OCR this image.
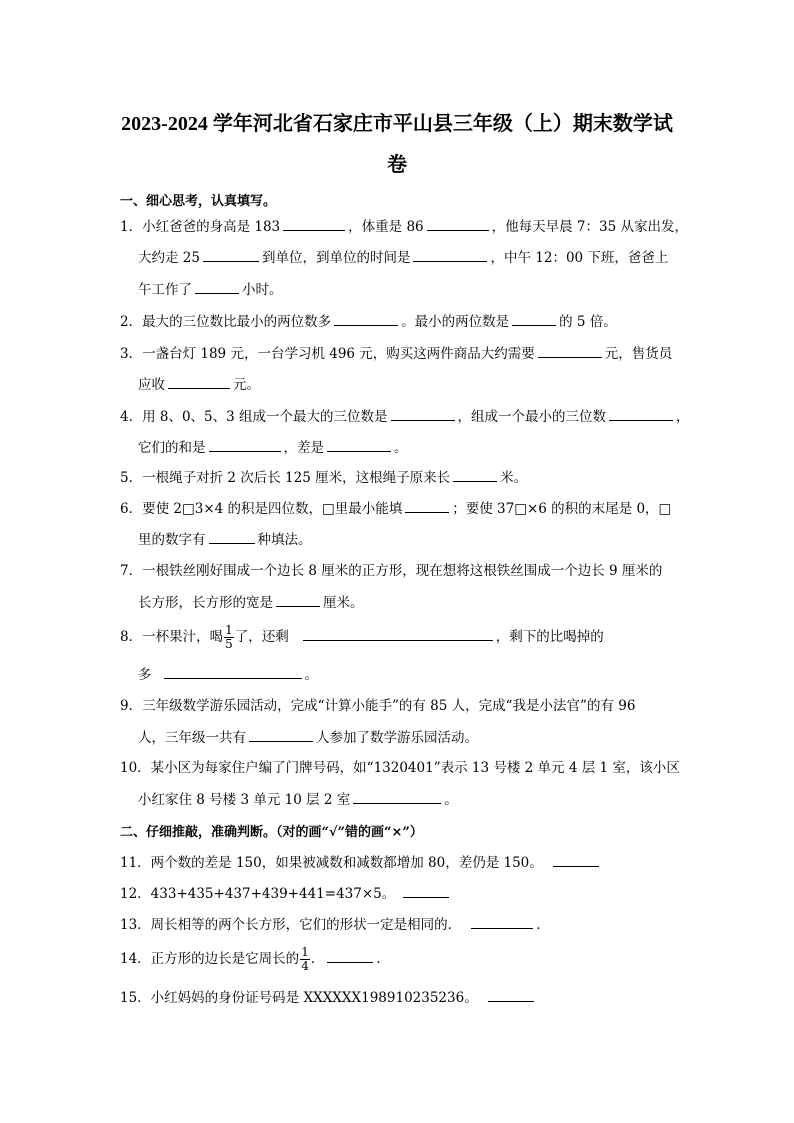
2023-2024 学年河北省石家庄市平山县三年级（上）期末数学试
卷
一、细心思考，认真填写。
1．小红爸爸的身高是 183	，体重是 86	，他每天早晨 7：35 从家出发，
大约走 25	到单位，到单位的时间是	，中午 12：00 下班，爸爸上
午工作了	小时。
2．最大的三位数比最小的两位数多	。最小的两位数是	的 5 倍。
3．一盏台灯 189 元，一台学习机 496 元，购买这两件商品大约需要	元，售货员
应收	元。
4．用 8、0、5、3 组成一个最大的三位数是	，组成一个最小的三位数	，
它们的和是	，差是	。
5．一根绳子对折 2 次后长 125 厘米，这根绳子原来长	米。
6．要使 2□3×4 的积是四位数，□里最小能填	；要使 37□×6 的积的末尾是 0，□
里的数字有	种填法。
7．一根铁丝刚好围成一个边长 8 厘米的正方形，现在想将这根铁丝围成一个边长 9 厘米的
长方形，长方形的宽是	厘米。
8．一杯果汁，喝 $\frac{1}{5}$ 了，还剩	，剩下的比喝掉的
多	。
9．三年级数学游乐园活动，完成“计算小能手”的有 85 人，完成“我是小法官”的有 96
人，三年级一共有	人参加了数学游乐园活动。
10．某小区为每家住户编了门牌号码，如“1320401”表示 13 号楼 2 单元 4 层 1 室，该小区
小红家住 8 号楼 3 单元 10 层 2 室	。
二、仔细推敲，准确判断。（对的画“√”错的画“×”）
11．两个数的差是 150，如果被减数和减数都增加 80，差仍是 150。
12．433+435+437+439+441=437×5。
13．周长相等的两个长方形，它们的形状一定是相同的．	．
14．正方形的边长是它周长的 $\frac{1}{4}$ ．	．
15．小红妈妈的身份证号码是 XXXXXX198910235236。
